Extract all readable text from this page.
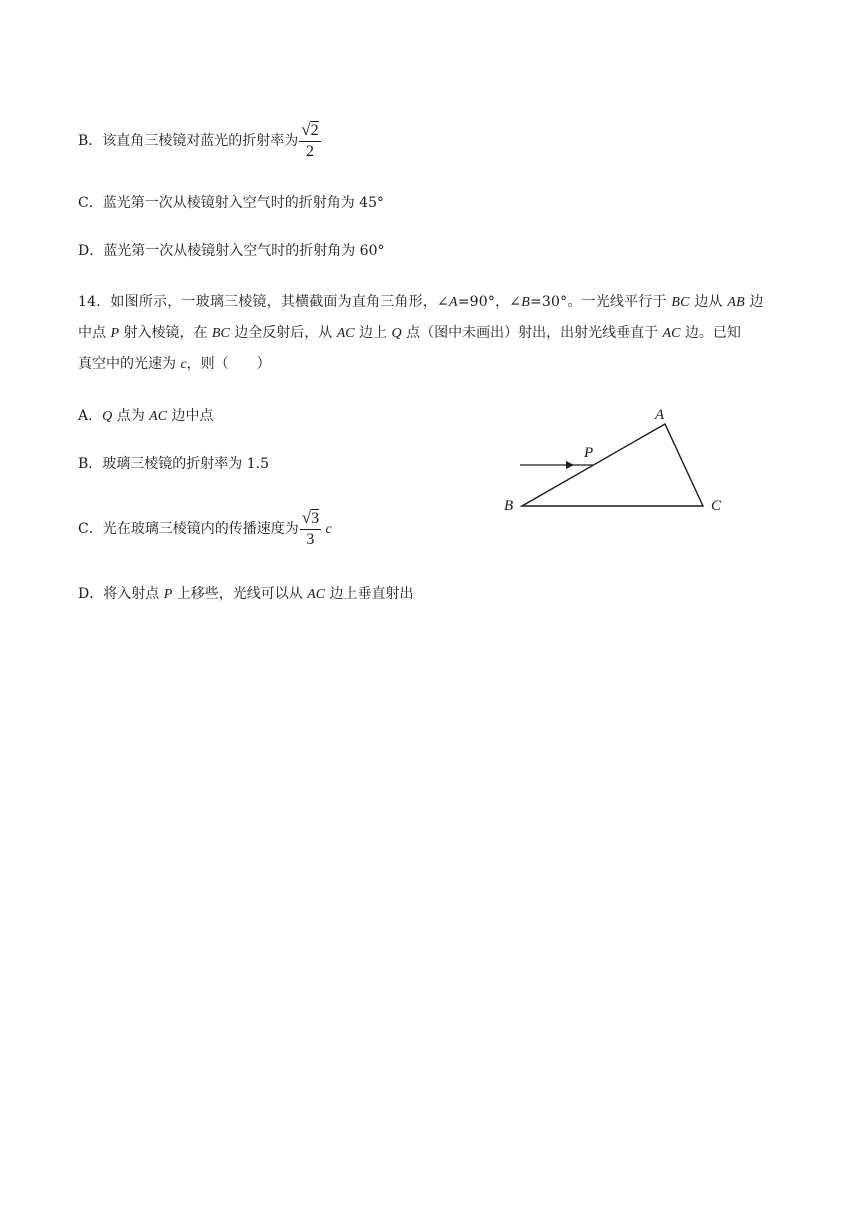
B．该直角三棱镜对蓝光的折射率为 $\frac{√2}{2}$
C．蓝光第一次从棱镜射入空气时的折射角为 45°
D．蓝光第一次从棱镜射入空气时的折射角为 60°
14．如图所示，一玻璃三棱镜，其横截面为直角三角形，∠A=90°，∠B=30°。一光线平行于 BC 边从 AB 边
中点 P 射入棱镜，在 BC 边全反射后，从 AC 边上 Q 点（图中未画出）射出，出射光线垂直于 AC 边。已知
真空中的光速为 c，则（　　）
A．Q 点为 AC 边中点
B．玻璃三棱镜的折射率为 1.5
C．光在玻璃三棱镜内的传播速度为 $\frac{√3}{3}$ c
D．将入射点 P 上移些，光线可以从 AC 边上垂直射出
A
B	C
P
